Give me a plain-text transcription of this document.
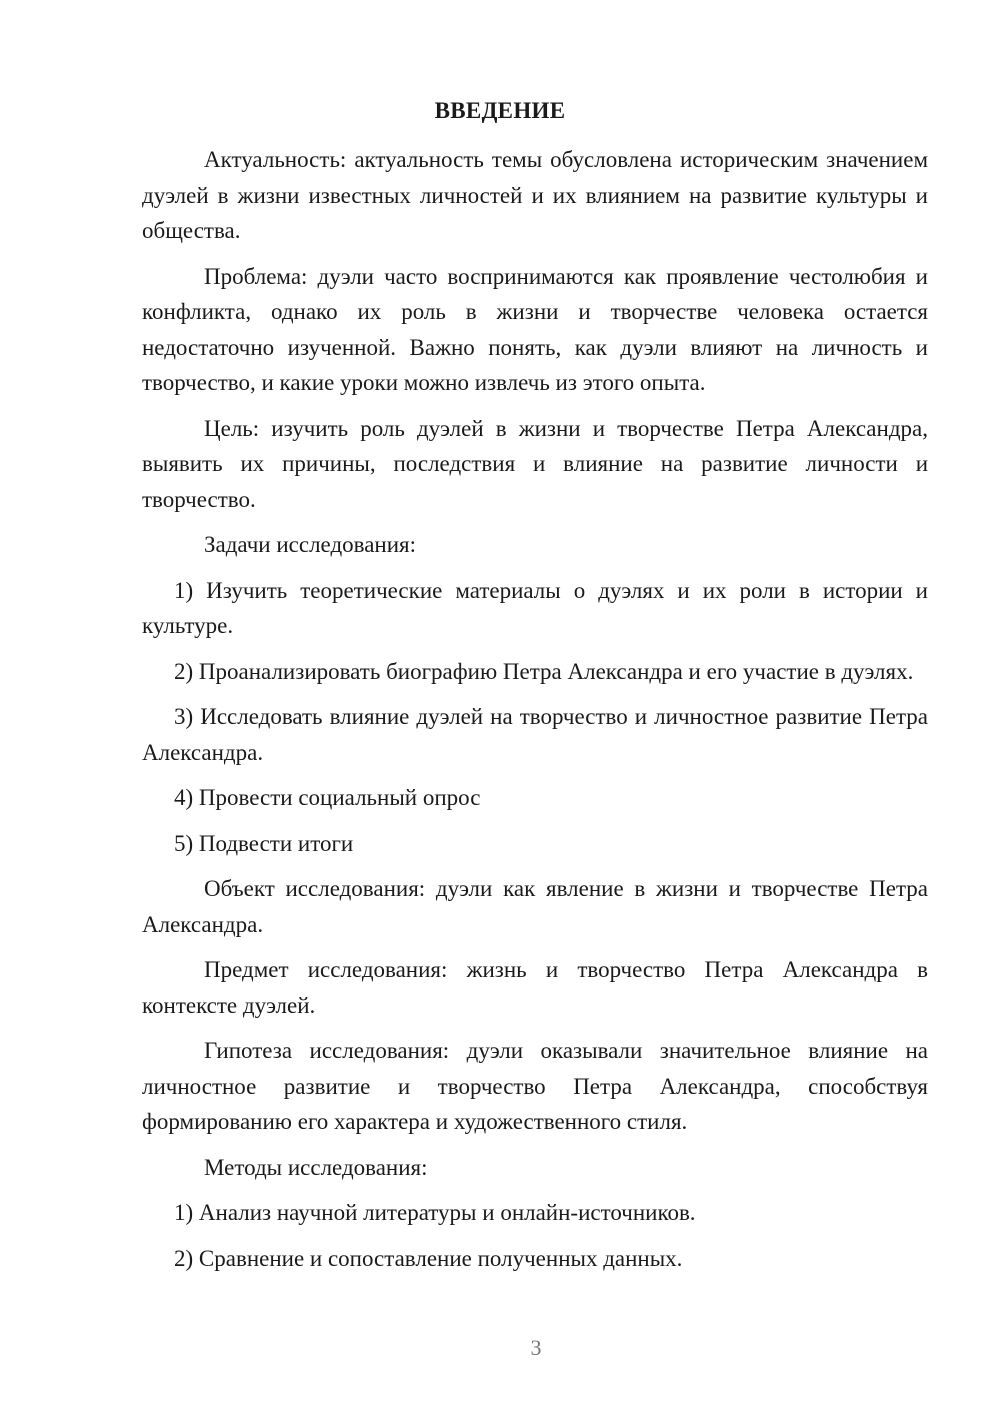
ВВЕДЕНИЕ

Актуальность: актуальность темы обусловлена историческим значением дуэлей в жизни известных личностей и их влиянием на развитие культуры и общества.

Проблема: дуэли часто воспринимаются как проявление честолюбия и конфликта, однако их роль в жизни и творчестве человека остается недостаточно изученной. Важно понять, как дуэли влияют на личность и творчество, и какие уроки можно извлечь из этого опыта.

Цель: изучить роль дуэлей в жизни и творчестве Петра Александра, выявить их причины, последствия и влияние на развитие личности и творчество.

Задачи исследования:

1) Изучить теоретические материалы о дуэлях и их роли в истории и культуре.

2) Проанализировать биографию Петра Александра и его участие в дуэлях.

3) Исследовать влияние дуэлей на творчество и личностное развитие Петра Александра.

4) Провести социальный опрос

5) Подвести итоги

Объект исследования: дуэли как явление в жизни и творчестве Петра Александра.

Предмет исследования: жизнь и творчество Петра Александра в контексте дуэлей.

Гипотеза исследования: дуэли оказывали значительное влияние на личностное развитие и творчество Петра Александра, способствуя формированию его характера и художественного стиля.

Методы исследования:

1) Анализ научной литературы и онлайн-источников.

2) Сравнение и сопоставление полученных данных.

3
